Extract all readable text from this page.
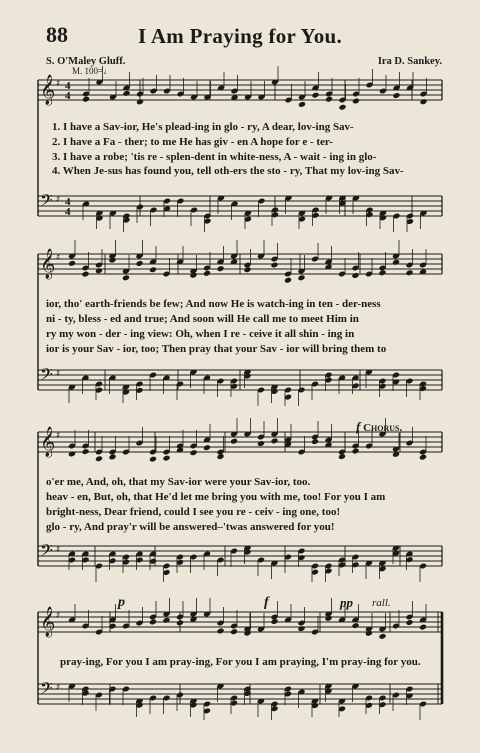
88	I Am Praying for You.
S. O'Maley Gluff.	Ira D. Sankey.
M. 100=♩
𝄞 ♯ 4
4
𝄢 ♯ 4
4
𝄞 ♯
𝄢 ♯
𝄞 ♯
𝄢 ♯
𝄞 ♯
𝄢 ♯
1. I have a Sav-ior, He's plead-ing in glo - ry, A dear, lov-ing Sav-
2. I have a Fa - ther; to me He has giv - en A hope for e - ter-
3. I have a robe; 'tis re - splen-dent in white-ness, A - wait - ing in glo-
4. When Je-sus has found you, tell oth-ers the sto - ry, That my lov-ing Sav-
ior, tho' earth-friends be few; And now He is watch-ing in ten - der-ness
ni - ty, bless - ed and true; And soon will He call me to meet Him in
ry my won - der - ing view: Oh, when I re - ceive it all shin - ing in
ior is your Sav - ior, too; Then pray that your Sav - ior will bring them to
f Chorus.
o'er me, And, oh, that my Sav-ior were your Sav-ior, too.
heav - en, But, oh, that He'd let me bring you with me, too! For you I am
bright-ness, Dear friend, could I see you re - ceiv - ing one, too!
glo - ry, And pray'r will be answered–'twas answered for you!
p	f	pp rall.
pray-ing, For you I am pray-ing, For you I am praying, I'm pray-ing for you.
